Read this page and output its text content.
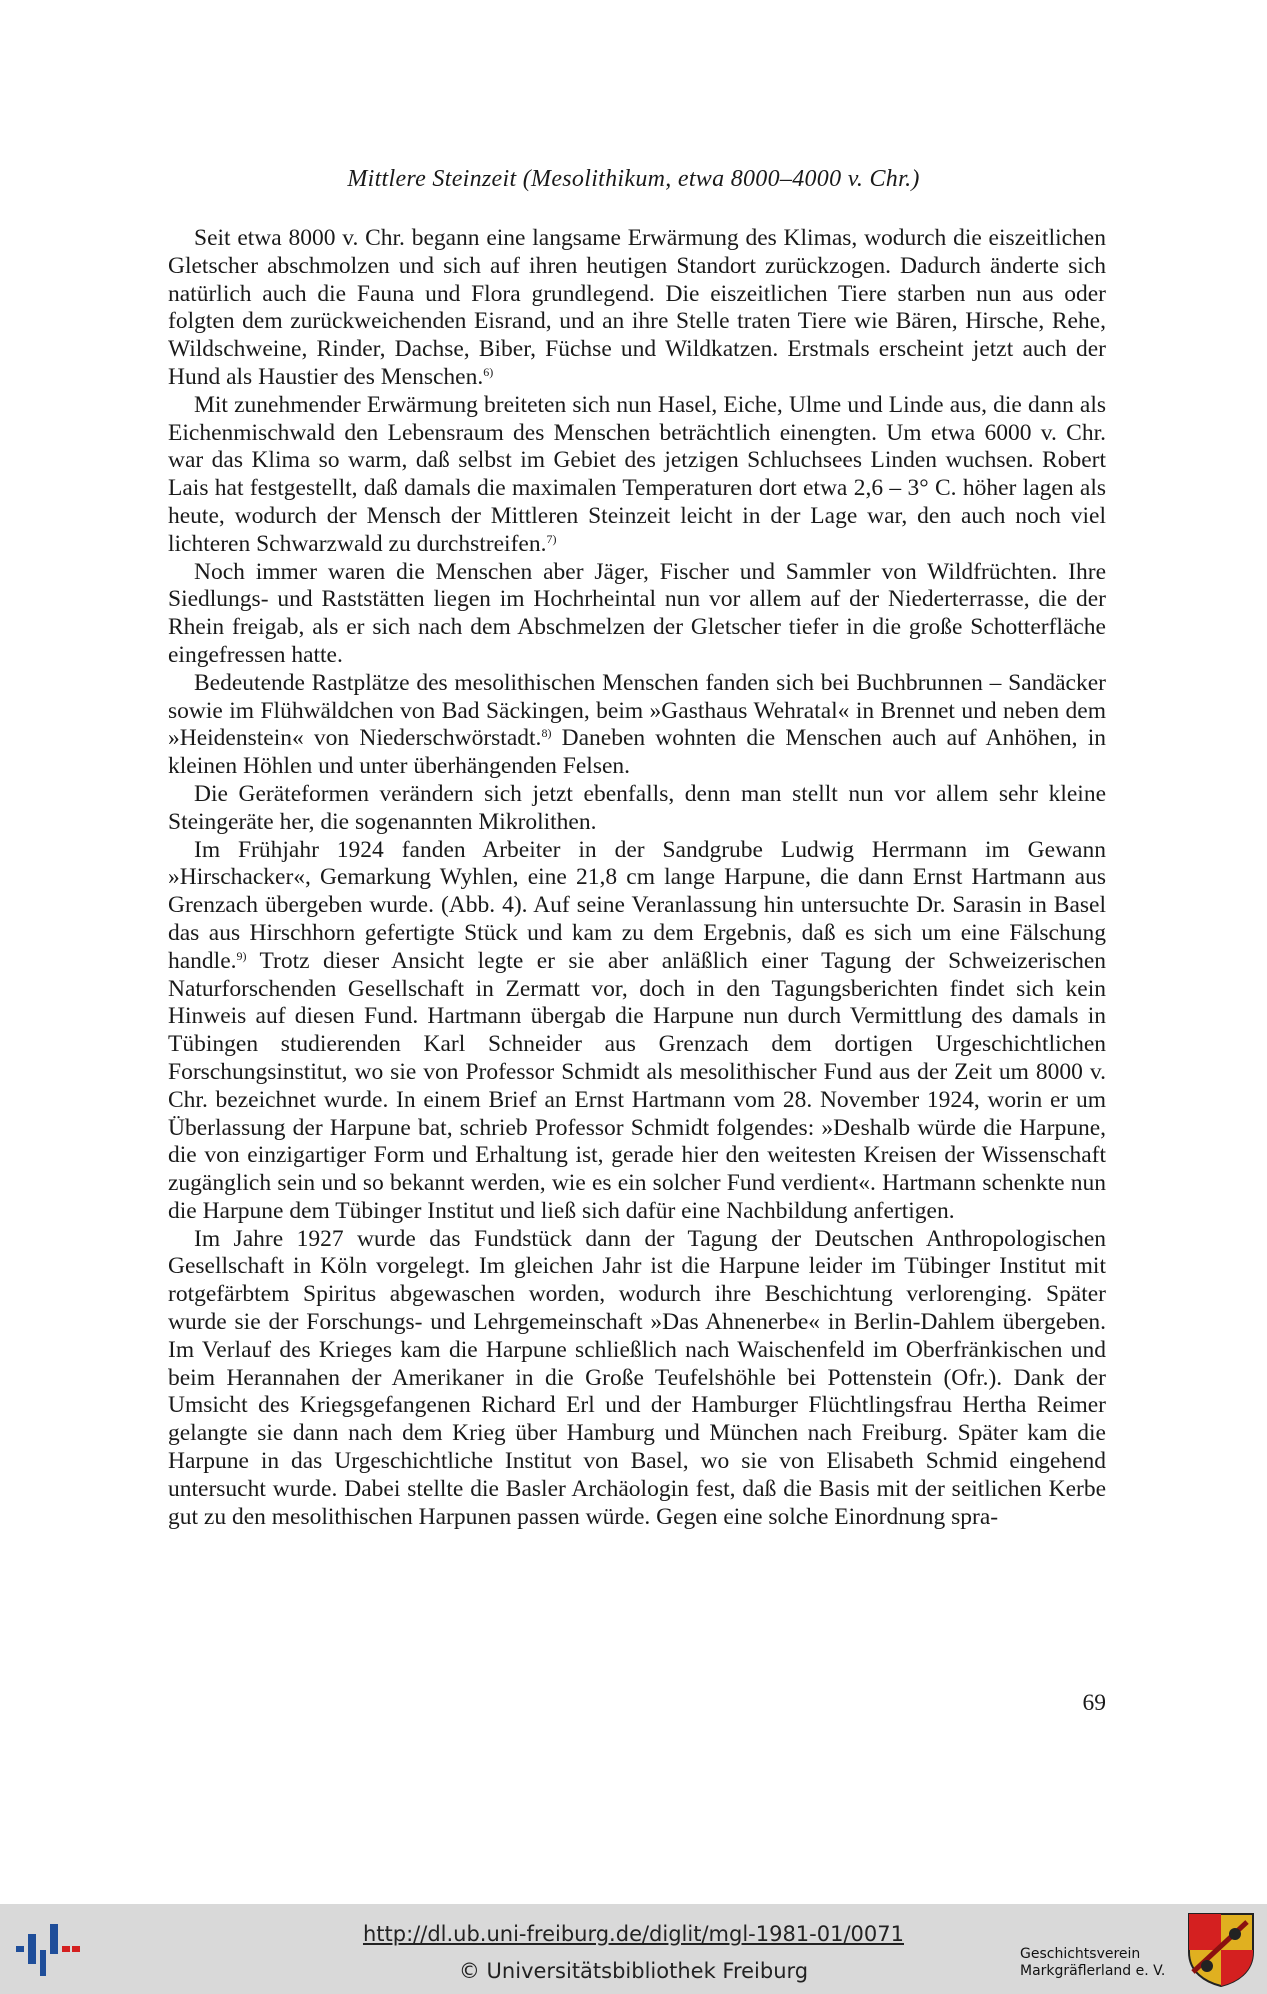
Mittlere Steinzeit (Mesolithikum, etwa 8000–4000 v. Chr.)

Seit etwa 8000 v. Chr. begann eine langsame Erwärmung des Klimas, wodurch die eiszeitlichen Gletscher abschmolzen und sich auf ihren heutigen Standort zurückzogen. Dadurch änderte sich natürlich auch die Fauna und Flora grundlegend. Die eiszeitlichen Tiere starben nun aus oder folgten dem zurückweichenden Eisrand, und an ihre Stelle traten Tiere wie Bären, Hirsche, Rehe, Wildschweine, Rinder, Dachse, Biber, Füchse und Wildkatzen. Erstmals erscheint jetzt auch der Hund als Haustier des Menschen.$^{6)}$

Mit zunehmender Erwärmung breiteten sich nun Hasel, Eiche, Ulme und Linde aus, die dann als Eichenmischwald den Lebensraum des Menschen beträchtlich einengten. Um etwa 6000 v. Chr. war das Klima so warm, daß selbst im Gebiet des jetzigen Schluchsees Linden wuchsen. Robert Lais hat festgestellt, daß damals die maximalen Temperaturen dort etwa 2,6 – 3° C. höher lagen als heute, wodurch der Mensch der Mittleren Steinzeit leicht in der Lage war, den auch noch viel lichteren Schwarzwald zu durchstreifen.$^{7)}$

Noch immer waren die Menschen aber Jäger, Fischer und Sammler von Wildfrüchten. Ihre Siedlungs- und Raststätten liegen im Hochrheintal nun vor allem auf der Niederterrasse, die der Rhein freigab, als er sich nach dem Abschmelzen der Gletscher tiefer in die große Schotterfläche eingefressen hatte.

Bedeutende Rastplätze des mesolithischen Menschen fanden sich bei Buchbrunnen – Sandäcker sowie im Flühwäldchen von Bad Säckingen, beim »Gasthaus Wehratal« in Brennet und neben dem »Heidenstein« von Niederschwörstadt.$^{8)}$ Daneben wohnten die Menschen auch auf Anhöhen, in kleinen Höhlen und unter überhängenden Felsen.

Die Geräteformen verändern sich jetzt ebenfalls, denn man stellt nun vor allem sehr kleine Steingeräte her, die sogenannten Mikrolithen.

Im Frühjahr 1924 fanden Arbeiter in der Sandgrube Ludwig Herrmann im Gewann »Hirschacker«, Gemarkung Wyhlen, eine 21,8 cm lange Harpune, die dann Ernst Hartmann aus Grenzach übergeben wurde. (Abb. 4). Auf seine Veranlassung hin untersuchte Dr. Sarasin in Basel das aus Hirschhorn gefertigte Stück und kam zu dem Ergebnis, daß es sich um eine Fälschung handle.$^{9)}$ Trotz dieser Ansicht legte er sie aber anläßlich einer Tagung der Schweizerischen Naturforschenden Gesellschaft in Zermatt vor, doch in den Tagungsberichten findet sich kein Hinweis auf diesen Fund. Hartmann übergab die Harpune nun durch Vermittlung des damals in Tübingen studierenden Karl Schneider aus Grenzach dem dortigen Urgeschichtlichen Forschungsinstitut, wo sie von Professor Schmidt als mesolithischer Fund aus der Zeit um 8000 v. Chr. bezeichnet wurde. In einem Brief an Ernst Hartmann vom 28. November 1924, worin er um Überlassung der Harpune bat, schrieb Professor Schmidt folgendes: »Deshalb würde die Harpune, die von einzigartiger Form und Erhaltung ist, gerade hier den weitesten Kreisen der Wissenschaft zugänglich sein und so bekannt werden, wie es ein solcher Fund verdient«. Hartmann schenkte nun die Harpune dem Tübinger Institut und ließ sich dafür eine Nachbildung anfertigen.

Im Jahre 1927 wurde das Fundstück dann der Tagung der Deutschen Anthropologischen Gesellschaft in Köln vorgelegt. Im gleichen Jahr ist die Harpune leider im Tübinger Institut mit rotgefärbtem Spiritus abgewaschen worden, wodurch ihre Beschichtung verlorenging. Später wurde sie der Forschungs- und Lehrgemeinschaft »Das Ahnenerbe« in Berlin-Dahlem übergeben. Im Verlauf des Krieges kam die Harpune schließlich nach Waischenfeld im Oberfränkischen und beim Herannahen der Amerikaner in die Große Teufelshöhle bei Pottenstein (Ofr.). Dank der Umsicht des Kriegsgefangenen Richard Erl und der Hamburger Flüchtlingsfrau Hertha Reimer gelangte sie dann nach dem Krieg über Hamburg und München nach Freiburg. Später kam die Harpune in das Urgeschichtliche Institut von Basel, wo sie von Elisabeth Schmid eingehend untersucht wurde. Dabei stellte die Basler Archäologin fest, daß die Basis mit der seitlichen Kerbe gut zu den mesolithischen Harpunen passen würde. Gegen eine solche Einordnung spra-

69
http://dl.ub.uni-freiburg.de/diglit/mgl-1981-01/0071
© Universitätsbibliothek Freiburg
Geschichtsverein
Markgräflerland e. V.
